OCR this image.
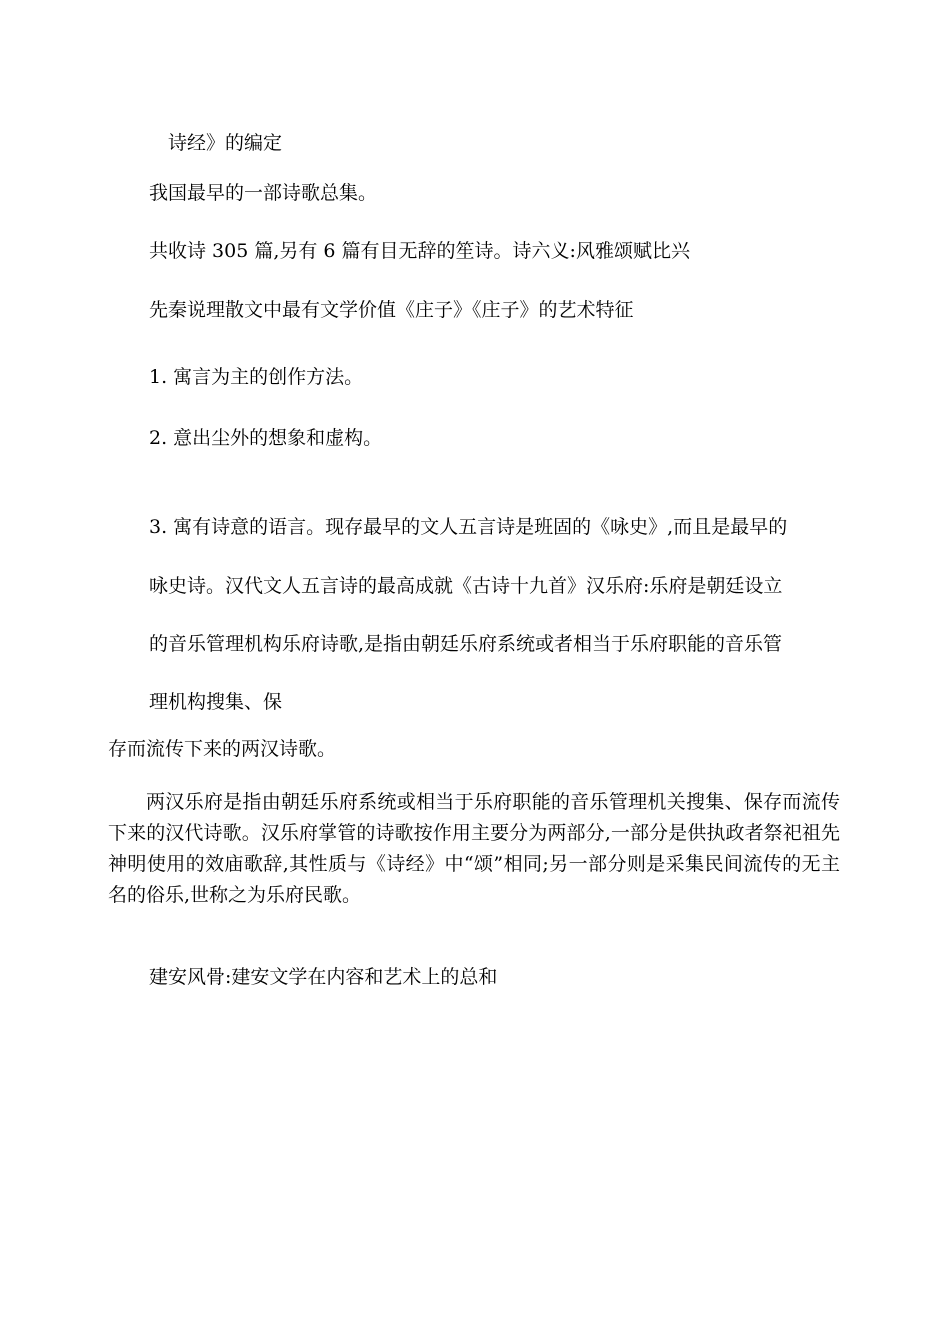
诗经》的编定
我国最早的一部诗歌总集。
共收诗 305 篇,另有 6 篇有目无辞的笙诗。诗六义:风雅颂赋比兴
先秦说理散文中最有文学价值《庄子》《庄子》的艺术特征
1. 寓言为主的创作方法。
2. 意出尘外的想象和虚构。
3. 寓有诗意的语言。现存最早的文人五言诗是班固的《咏史》,而且是最早的
咏史诗。汉代文人五言诗的最高成就《古诗十九首》汉乐府:乐府是朝廷设立
的音乐管理机构乐府诗歌,是指由朝廷乐府系统或者相当于乐府职能的音乐管
理机构搜集、保
存而流传下来的两汉诗歌。
两汉乐府是指由朝廷乐府系统或相当于乐府职能的音乐管理机关搜集、保存而流传下来的汉代诗歌。汉乐府掌管的诗歌按作用主要分为两部分,一部分是供执政者祭祀祖先神明使用的效庙歌辞,其性质与《诗经》中“颂”相同;另一部分则是采集民间流传的无主名的俗乐,世称之为乐府民歌。
建安风骨:建安文学在内容和艺术上的总和
